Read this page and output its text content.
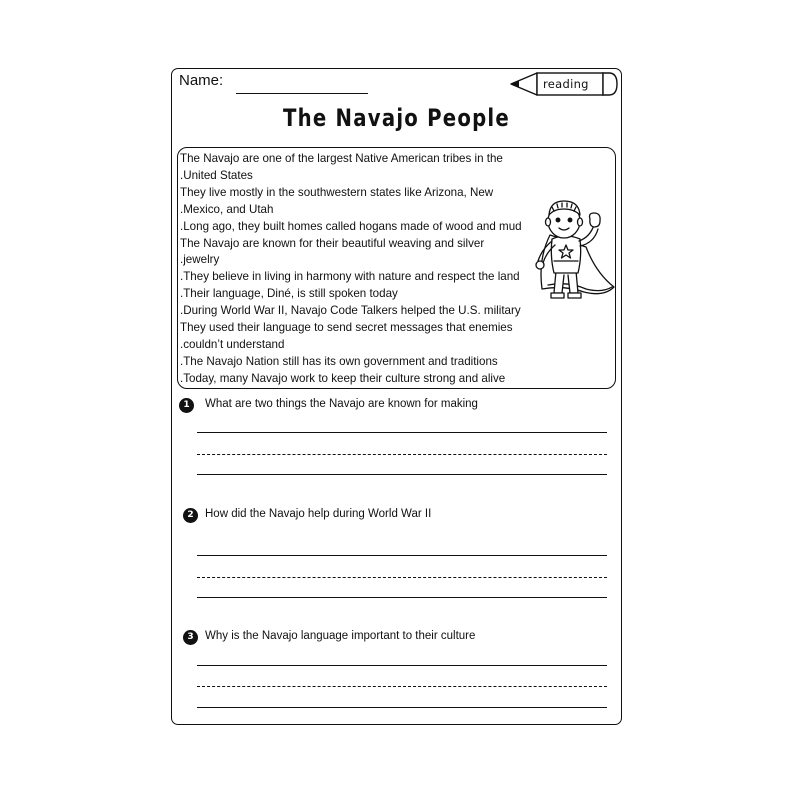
Name:	reading
The Navajo People
The Navajo are one of the largest Native American tribes in the
.United States
They live mostly in the southwestern states like Arizona, New
.Mexico, and Utah
.Long ago, they built homes called hogans made of wood and mud
The Navajo are known for their beautiful weaving and silver
.jewelry
.They believe in living in harmony with nature and respect the land
.Their language, Diné, is still spoken today
.During World War II, Navajo Code Talkers helped the U.S. military
They used their language to send secret messages that enemies
.couldn’t understand
.The Navajo Nation still has its own government and traditions
.Today, many Navajo work to keep their culture strong and alive
1	What are two things the Navajo are known for making
2 How did the Navajo help during World War II
3 Why is the Navajo language important to their culture
